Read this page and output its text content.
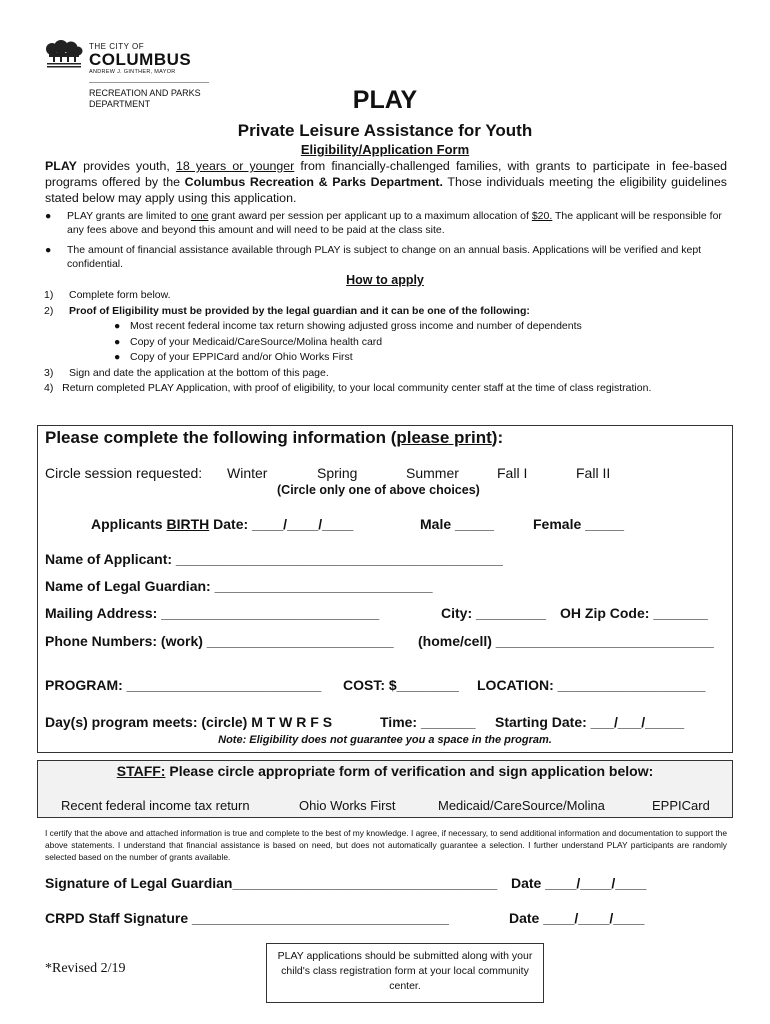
THE CITY OF
COLUMBUS
ANDREW J. GINTHER, MAYOR
RECREATION AND PARKS
DEPARTMENT	PLAY
Private Leisure Assistance for Youth
Eligibility/Application Form
PLAY provides youth, 18 years or younger from financially-challenged families, with grants to participate in fee-based programs offered by the Columbus Recreation & Parks Department. Those individuals meeting the eligibility guidelines stated below may apply using this application.
● PLAY grants are limited to one grant award per session per applicant up to a maximum allocation of $20. The applicant will be responsible for any fees above and beyond this amount and will need to be paid at the class site.
● The amount of financial assistance available through PLAY is subject to change on an annual basis. Applications will be verified and kept confidential.
How to apply
1) Complete form below.
2) Proof of Eligibility must be provided by the legal guardian and it can be one of the following:
● Most recent federal income tax return showing adjusted gross income and number of dependents
● Copy of your Medicaid/CareSource/Molina health card
● Copy of your EPPICard and/or Ohio Works First
3) Sign and date the application at the bottom of this page.
4) Return completed PLAY Application, with proof of eligibility, to your local community center staff at the time of class registration.
Please complete the following information (please print):
Circle session requested: Winter	Spring	Summer	Fall I	Fall II
(Circle only one of above choices)
Applicants BIRTH Date: ____/____/____	Male _____	Female _____
Name of Applicant: __________________________________________
Name of Legal Guardian: ____________________________
Mailing Address: ____________________________	City: _________ OH Zip Code: _______
Phone Numbers: (work) ________________________ (home/cell) ____________________________
PROGRAM: _________________________ COST: $________ LOCATION: ___________________
Day(s) program meets: (circle) M T W R F S	Time: _______ Starting Date: ___/___/_____
Note: Eligibility does not guarantee you a space in the program.
STAFF: Please circle appropriate form of verification and sign application below:
Recent federal income tax return	Ohio Works First	Medicaid/CareSource/Molina	EPPICard
I certify that the above and attached information is true and complete to the best of my knowledge. I agree, if necessary, to send additional information and documentation to support the above statements. I understand that financial assistance is based on need, but does not automatically guarantee a selection. I further understand PLAY participants are randomly selected based on the number of grants available.
Signature of Legal Guardian__________________________________ Date ____/____/____
CRPD Staff Signature _________________________________	Date ____/____/____
*Revised 2/19
PLAY applications should be submitted along with your child's class registration form at your local community center.
